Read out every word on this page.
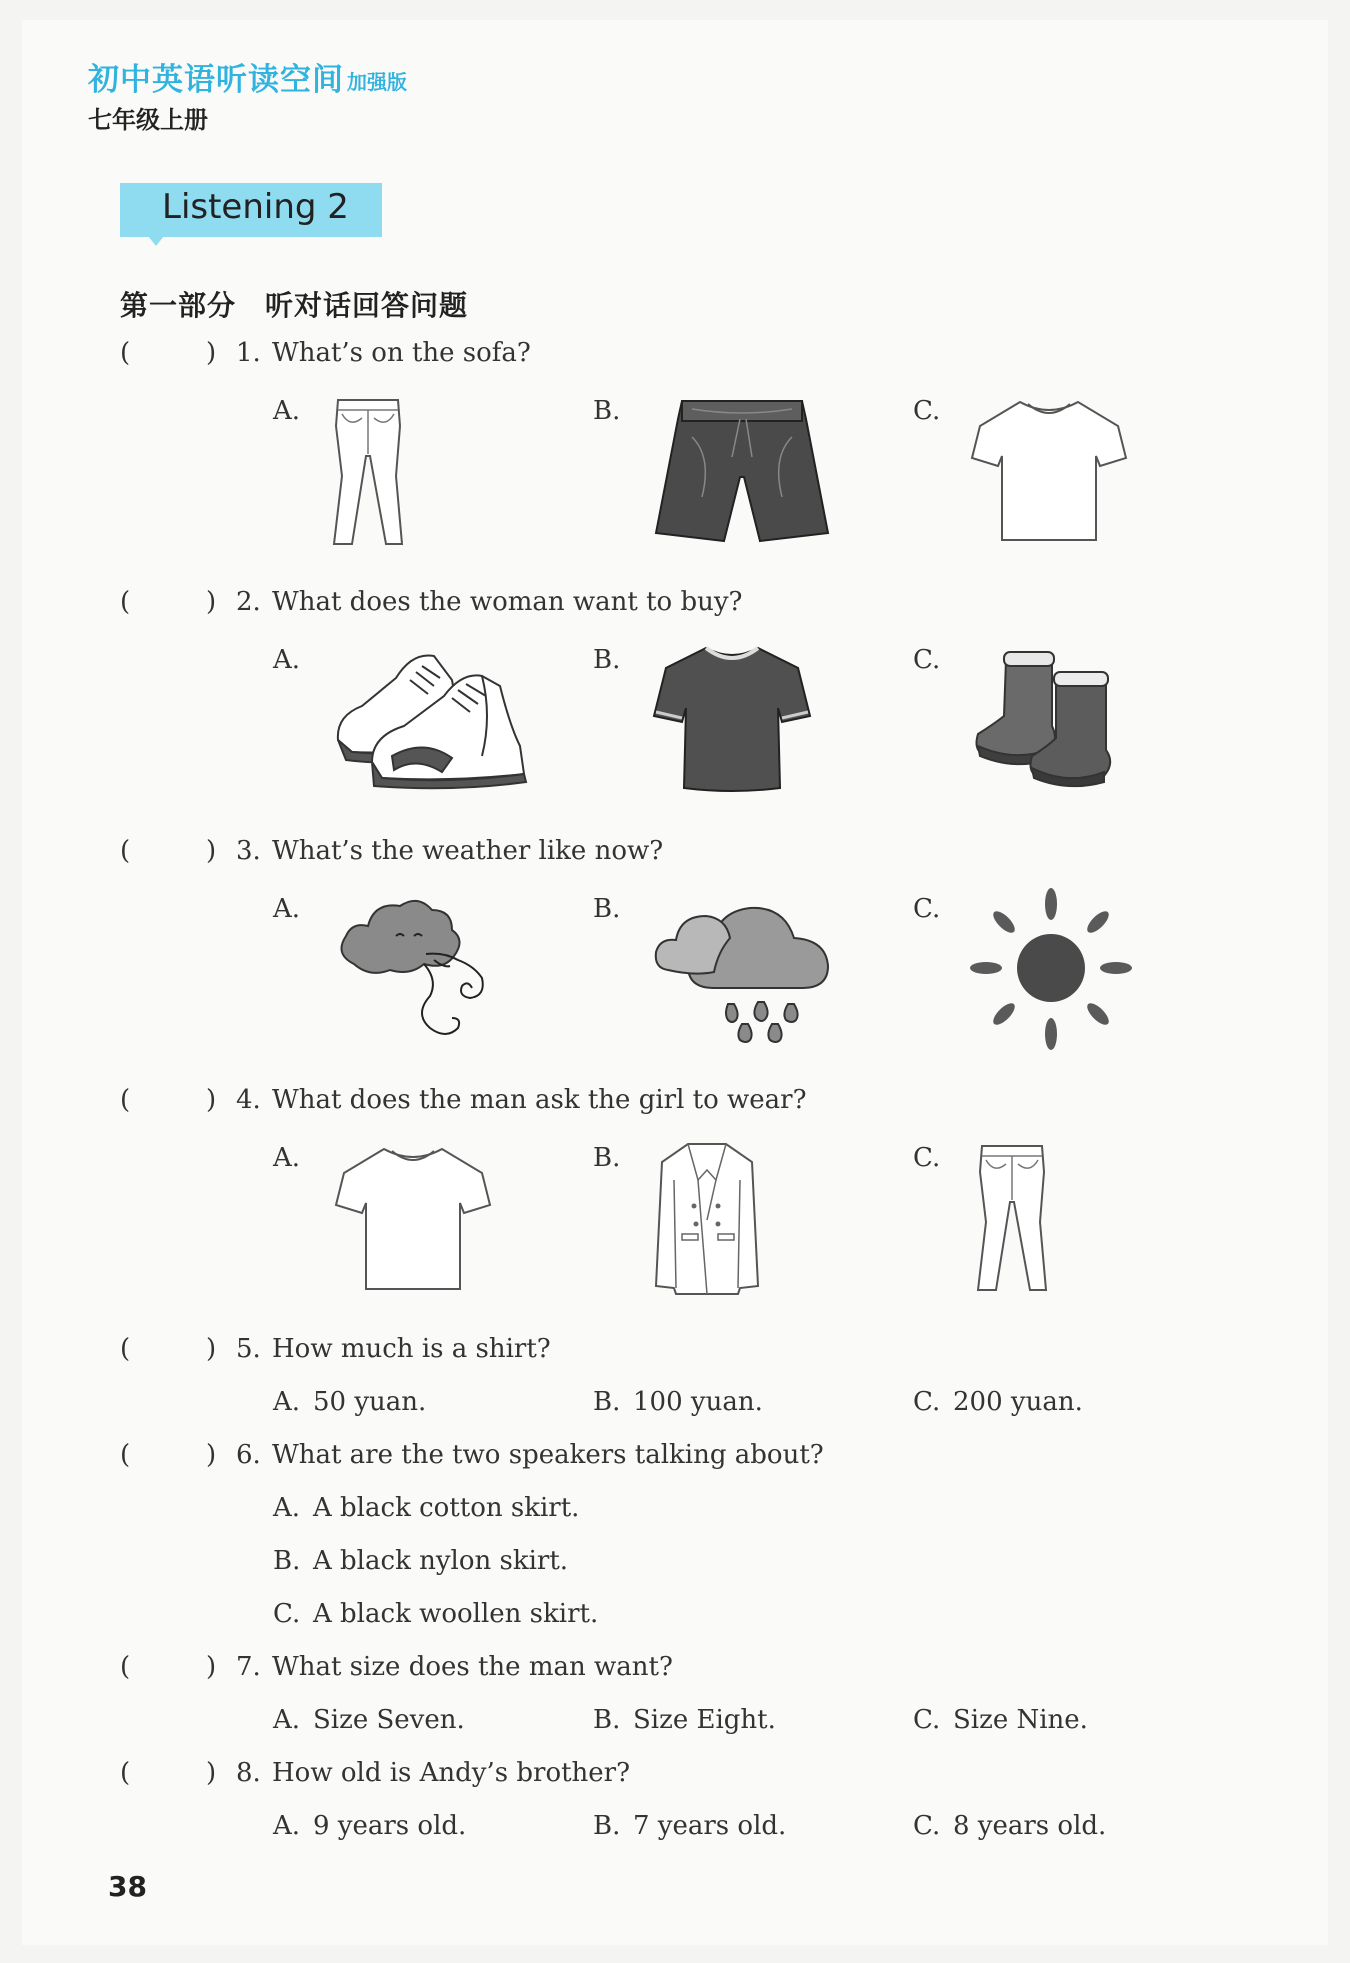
初中英语听读空间 加强版
七年级上册
Listening 2
第一部分　听对话回答问题
(	) 1. What’s on the sofa?
A.	B.	C.
(	) 2. What does the woman want to buy?
A.	B.	C.
(	) 3. What’s the weather like now?
A.	B.	C.
(	) 4. What does the man ask the girl to wear?
A.	B.	C.
(	) 5. How much is a shirt?
A. 50 yuan.	B. 100 yuan.	C. 200 yuan.
(	) 6. What are the two speakers talking about?
A. A black cotton skirt.
B. A black nylon skirt.
C. A black woollen skirt.
(	) 7. What size does the man want?
A. Size Seven.	B. Size Eight.	C. Size Nine.
(	) 8. How old is Andy’s brother?
A. 9 years old.	B. 7 years old.	C. 8 years old.
38
